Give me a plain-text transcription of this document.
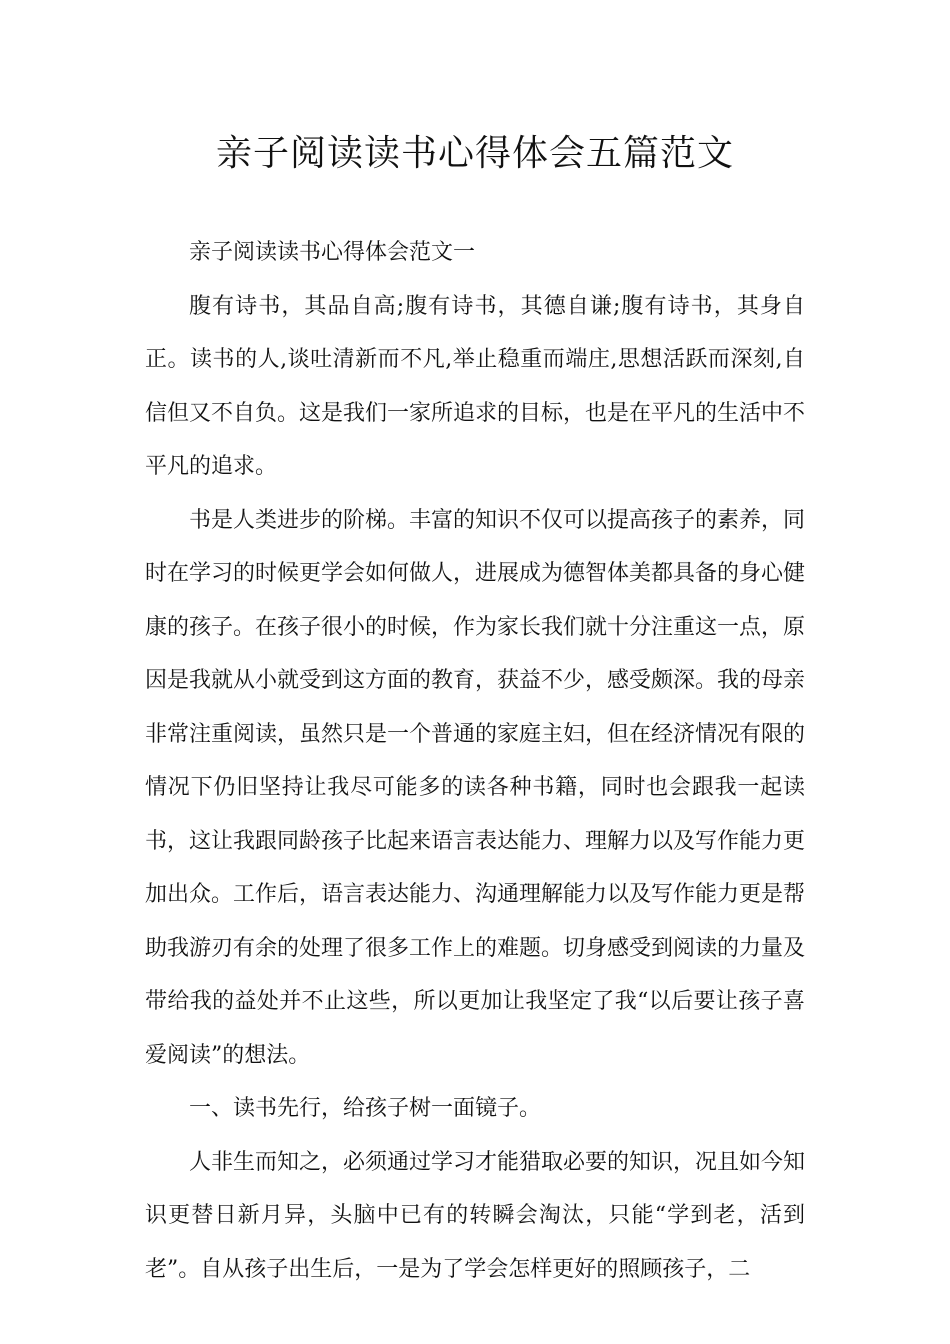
亲子阅读读书心得体会五篇范文

亲子阅读读书心得体会范文一

腹有诗书，其品自高;腹有诗书，其德自谦;腹有诗书，其身自正。读书的人,谈吐清新而不凡,举止稳重而端庄,思想活跃而深刻,自信但又不自负。这是我们一家所追求的目标，也是在平凡的生活中不平凡的追求。

书是人类进步的阶梯。丰富的知识不仅可以提高孩子的素养，同时在学习的时候更学会如何做人，进展成为德智体美都具备的身心健康的孩子。在孩子很小的时候，作为家长我们就十分注重这一点，原因是我就从小就受到这方面的教育，获益不少，感受颇深。我的母亲非常注重阅读，虽然只是一个普通的家庭主妇，但在经济情况有限的情况下仍旧坚持让我尽可能多的读各种书籍，同时也会跟我一起读书，这让我跟同龄孩子比起来语言表达能力、理解力以及写作能力更加出众。工作后，语言表达能力、沟通理解能力以及写作能力更是帮助我游刃有余的处理了很多工作上的难题。切身感受到阅读的力量及带给我的益处并不止这些，所以更加让我坚定了我“以后要让孩子喜爱阅读”的想法。

一、读书先行，给孩子树一面镜子。

人非生而知之，必须通过学习才能猎取必要的知识，况且如今知识更替日新月异，头脑中已有的转瞬会淘汰，只能“学到老，活到老”。自从孩子出生后，一是为了学会怎样更好的照顾孩子，二
